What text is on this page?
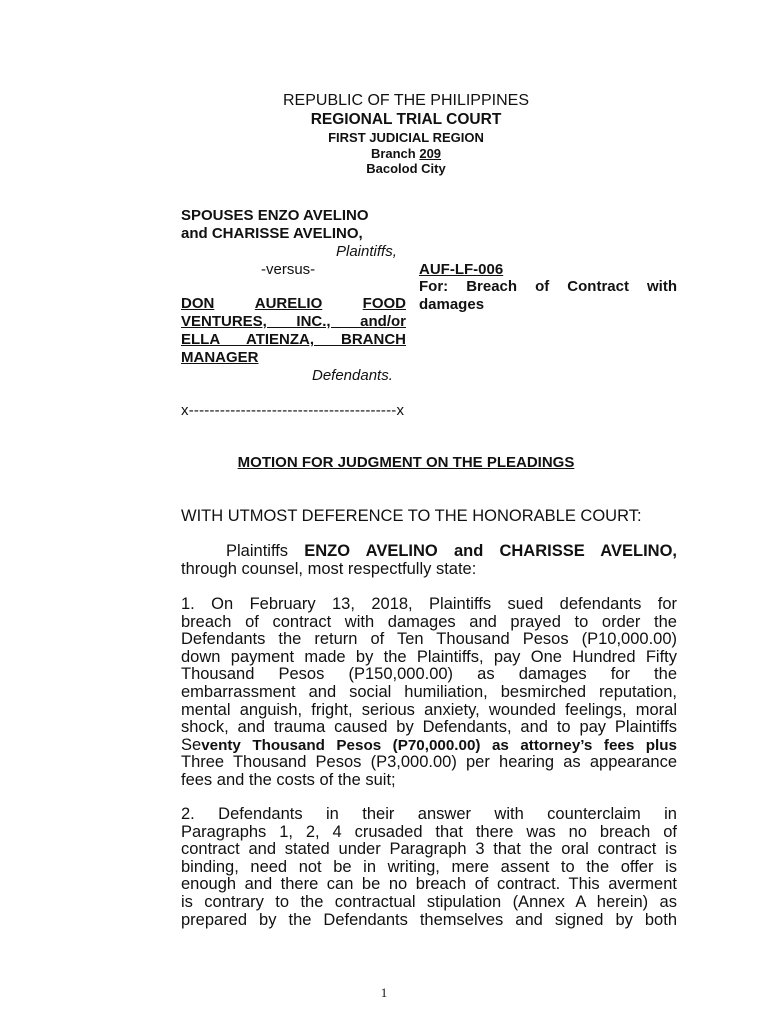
REPUBLIC OF THE PHILIPPINES
REGIONAL TRIAL COURT
FIRST JUDICIAL REGION
Branch 209
Bacolod City
SPOUSES ENZO AVELINO
and CHARISSE AVELINO,
Plaintiffs,
-versus-
DON	AURELIO	FOOD
VENTURES, INC., and/or
ELLA ATIENZA, BRANCH
MANAGER
Defendants.
AUF-LF-006
For: Breach of Contract with
damages
x----------------------------------------x
MOTION FOR JUDGMENT ON THE PLEADINGS
WITH UTMOST DEFERENCE TO THE HONORABLE COURT:
Plaintiffs ENZO AVELINO and CHARISSE AVELINO,
through counsel, most respectfully state:
1. On February 13, 2018, Plaintiffs sued defendants for
breach of contract with damages and prayed to order the
Defendants the return of Ten Thousand Pesos (P10,000.00)
down payment made by the Plaintiffs, pay One Hundred Fifty
Thousand Pesos (P150,000.00) as damages for the
embarrassment and social humiliation, besmirched reputation,
mental anguish, fright, serious anxiety, wounded feelings, moral
shock, and trauma caused by Defendants, and to pay Plaintiffs
Seventy Thousand Pesos (P70,000.00) as attorney’s fees plus
Three Thousand Pesos (P3,000.00) per hearing as appearance
fees and the costs of the suit;
2. Defendants in their answer with counterclaim in
Paragraphs 1, 2, 4 crusaded that there was no breach of
contract and stated under Paragraph 3 that the oral contract is
binding, need not be in writing, mere assent to the offer is
enough and there can be no breach of contract. This averment
is contrary to the contractual stipulation (Annex A herein) as
prepared by the Defendants themselves and signed by both
1
